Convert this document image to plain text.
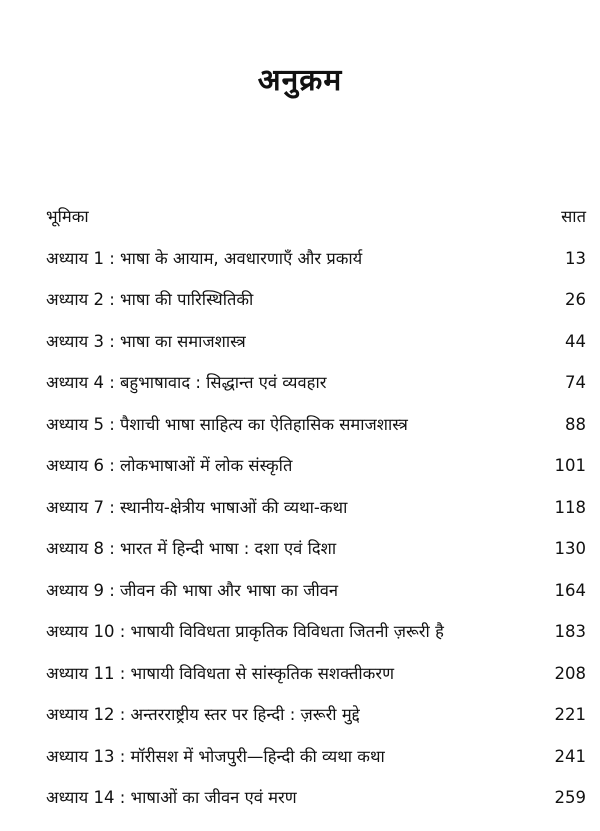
अनुक्रम
भूमिका	सात
अध्याय 1 : भाषा के आयाम, अवधारणाएँ और प्रकार्य	13
अध्याय 2 : भाषा की पारिस्थितिकी	26
अध्याय 3 : भाषा का समाजशास्त्र	44
अध्याय 4 : बहुभाषावाद : सिद्धान्त एवं व्यवहार	74
अध्याय 5 : पैशाची भाषा साहित्य का ऐतिहासिक समाजशास्त्र	88
अध्याय 6 : लोकभाषाओं में लोक संस्कृति	101
अध्याय 7 : स्थानीय-क्षेत्रीय भाषाओं की व्यथा-कथा	118
अध्याय 8 : भारत में हिन्दी भाषा : दशा एवं दिशा	130
अध्याय 9 : जीवन की भाषा और भाषा का जीवन	164
अध्याय 10 : भाषायी विविधता प्राकृतिक विविधता जितनी ज़रूरी है	183
अध्याय 11 : भाषायी विविधता से सांस्कृतिक सशक्तीकरण	208
अध्याय 12 : अन्तरराष्ट्रीय स्तर पर हिन्दी : ज़रूरी मुद्दे	221
अध्याय 13 : मॉरीसश में भोजपुरी—हिन्दी की व्यथा कथा	241
अध्याय 14 : भाषाओं का जीवन एवं मरण	259
